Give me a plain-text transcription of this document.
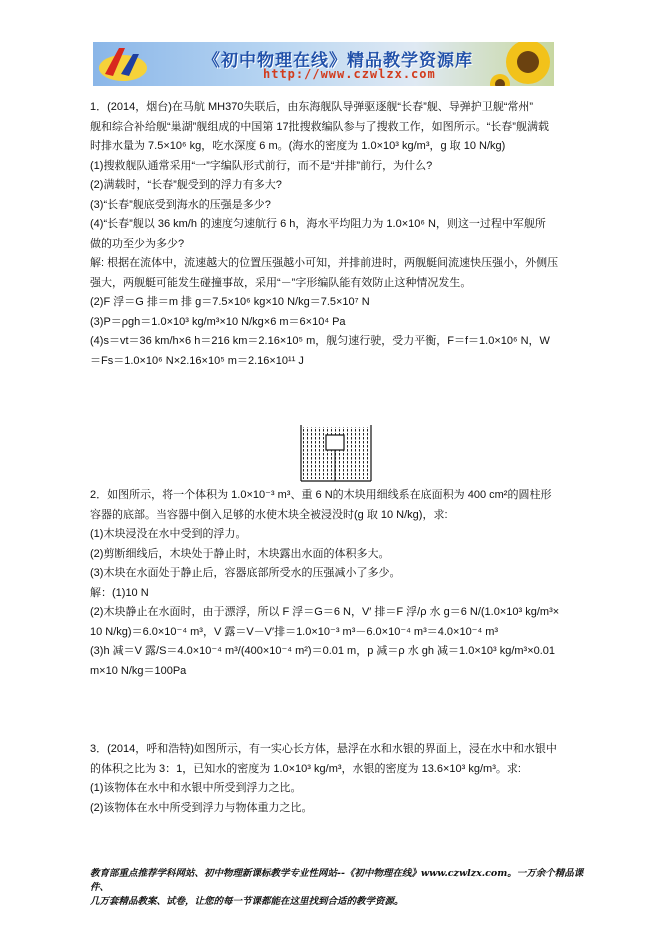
《初中物理在线》精品教学资源库
http://www.czwlzx.com

1．(2014，烟台)在马航 MH370失联后，由东海舰队导弹驱逐舰“长春”舰、导弹护卫舰“常州”

舰和综合补给舰“巢湖”舰组成的中国第 17批搜救编队参与了搜救工作，如图所示。“长春”舰满载

时排水量为 7.5×10⁶ kg，吃水深度 6 m。(海水的密度为 1.0×10³ kg/m³，g 取 10 N/kg)

(1)搜救舰队通常采用“一”字编队形式前行，而不是“并排”前行，为什么?

(2)满载时，“长春”舰受到的浮力有多大?

(3)“长春”舰底受到海水的压强是多少?

(4)“长春”舰以 36 km/h 的速度匀速航行 6 h，海水平均阻力为 1.0×10⁶ N，则这一过程中军舰所

做的功至少为多少?

解: 根据在流体中，流速越大的位置压强越小可知，并排前进时，两舰艇间流速快压强小，外侧压

强大，两舰艇可能发生碰撞事故，采用“－”字形编队能有效防止这种情况发生。

(2)F 浮＝G 排＝m 排 g＝7.5×10⁶ kg×10 N/kg＝7.5×10⁷ N

(3)P＝ρgh＝1.0×10³ kg/m³×10 N/kg×6 m＝6×10⁴ Pa

(4)s＝vt＝36 km/h×6 h＝216 km＝2.16×10⁵ m，舰匀速行驶，受力平衡，F＝f＝1.0×10⁶ N，W

＝Fs＝1.0×10⁶ N×2.16×10⁵ m＝2.16×10¹¹ J

2．如图所示，将一个体积为 1.0×10⁻³ m³、重 6 N的木块用细线系在底面积为 400 cm²的圆柱形

容器的底部。当容器中倒入足够的水使木块全被浸没时(g 取 10 N/kg)，求:

(1)木块浸没在水中受到的浮力。

(2)剪断细线后，木块处于静止时，木块露出水面的体积多大。

(3)木块在水面处于静止后，容器底部所受水的压强减小了多少。

解：(1)10 N

(2)木块静止在水面时，由于漂浮，所以 F 浮＝G＝6 N，V′ 排＝F 浮/ρ 水 g＝6 N/(1.0×10³ kg/m³×

10 N/kg)＝6.0×10⁻⁴ m³，V 露＝V－V′排＝1.0×10⁻³ m³－6.0×10⁻⁴ m³＝4.0×10⁻⁴ m³

(3)h 减＝V 露/S＝4.0×10⁻⁴ m³/(400×10⁻⁴ m²)＝0.01 m，p 减＝ρ 水 gh 减＝1.0×10³ kg/m³×0.01

m×10 N/kg＝100Pa

3．(2014，呼和浩特)如图所示，有一实心长方体，悬浮在水和水银的界面上，浸在水中和水银中

的体积之比为 3：1，已知水的密度为 1.0×10³ kg/m³，水银的密度为 13.6×10³ kg/m³。求:

(1)该物体在水中和水银中所受到浮力之比。

(2)该物体在水中所受到浮力与物体重力之比。

教育部重点推荐学科网站、初中物理新课标教学专业性网站--《初中物理在线》www.czwlzx.com。一万余个精品课件、
几万套精品教案、试卷，让您的每一节课都能在这里找到合适的教学资源。
